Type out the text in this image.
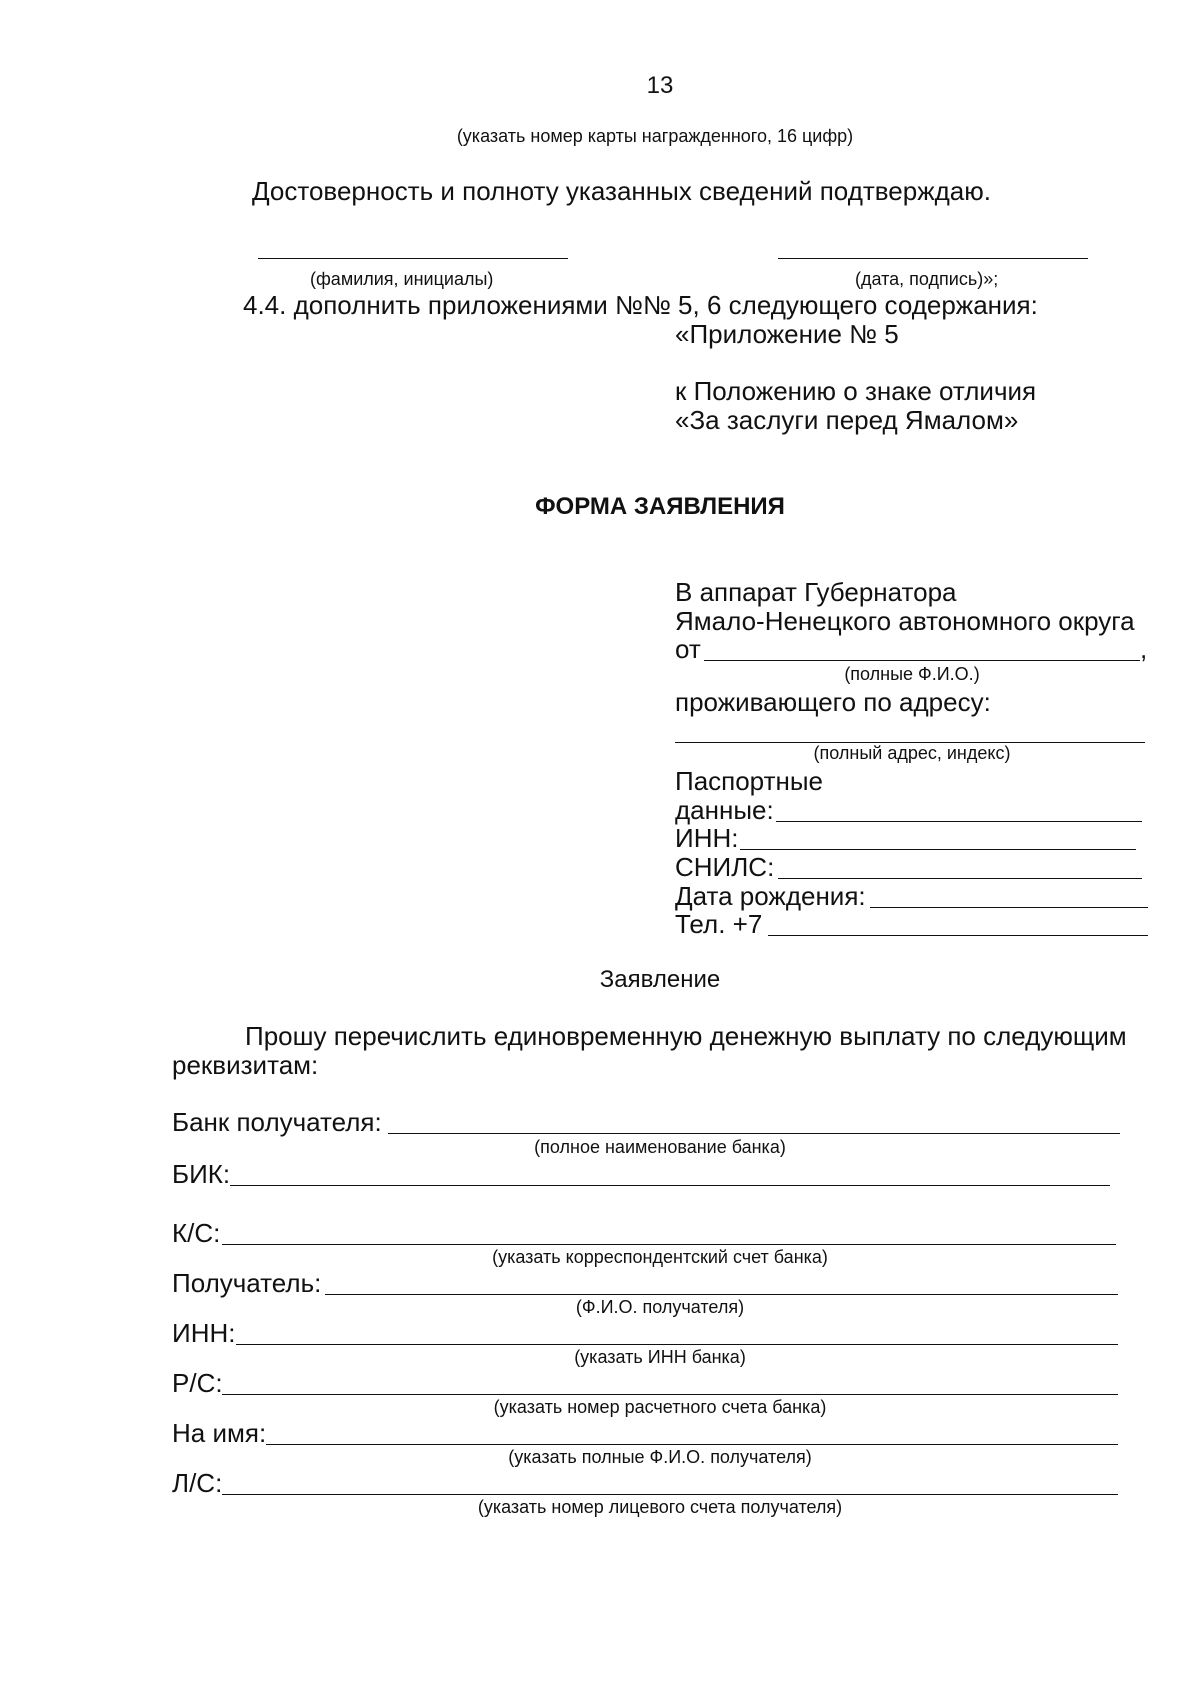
13
(указать номер карты награжденного, 16 цифр)
Достоверность и полноту указанных сведений подтверждаю.
(фамилия, инициалы)	(дата, подпись)»;
4.4. дополнить приложениями №№ 5, 6 следующего содержания:
«Приложение № 5
к Положению о знаке отличия
«За заслуги перед Ямалом»
ФОРМА ЗАЯВЛЕНИЯ
В аппарат Губернатора
Ямало-Ненецкого автономного округа
от	,
(полные Ф.И.О.)
проживающего по адресу:
(полный адрес, индекс)
Паспортные
данные:
ИНН:
СНИЛС:
Дата рождения:
Тел. +7
Заявление
Прошу перечислить единовременную денежную выплату по следующим
реквизитам:
Банк получателя:
(полное наименование банка)
БИК:
К/С:
(указать корреспондентский счет банка)
Получатель:
(Ф.И.О. получателя)
ИНН:
(указать ИНН банка)
Р/С:
(указать номер расчетного счета банка)
На имя:
(указать полные Ф.И.О. получателя)
Л/С:
(указать номер лицевого счета получателя)
